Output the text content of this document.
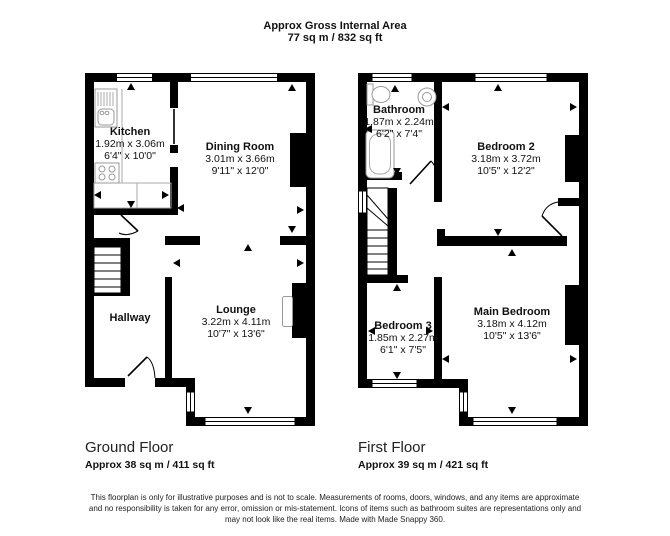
Approx Gross Internal Area
77 sq m / 832 sq ft
Kitchen
1.92m x 3.06m
6'4" x 10'0"
Dining Room
3.01m x 3.66m
9'11" x 12'0"
Hallway
Lounge
3.22m x 4.11m
10'7" x 13'6"
Bathroom
1.87m x 2.24m
6'2" x 7'4"
Bedroom 2
3.18m x 3.72m
10'5" x 12'2"
Bedroom 3
1.85m x 2.27m
6'1" x 7'5"
Main Bedroom
3.18m x 4.12m
10'5" x 13'6"
Ground Floor
Approx 38 sq m / 411 sq ft
First Floor
Approx 39 sq m / 421 sq ft
This floorplan is only for illustrative purposes and is not to scale. Measurements of rooms, doors, windows, and any items are approximate
and no responsibility is taken for any error, omission or mis-statement. Icons of items such as bathroom suites are representations only and
may not look like the real items. Made with Made Snappy 360.
